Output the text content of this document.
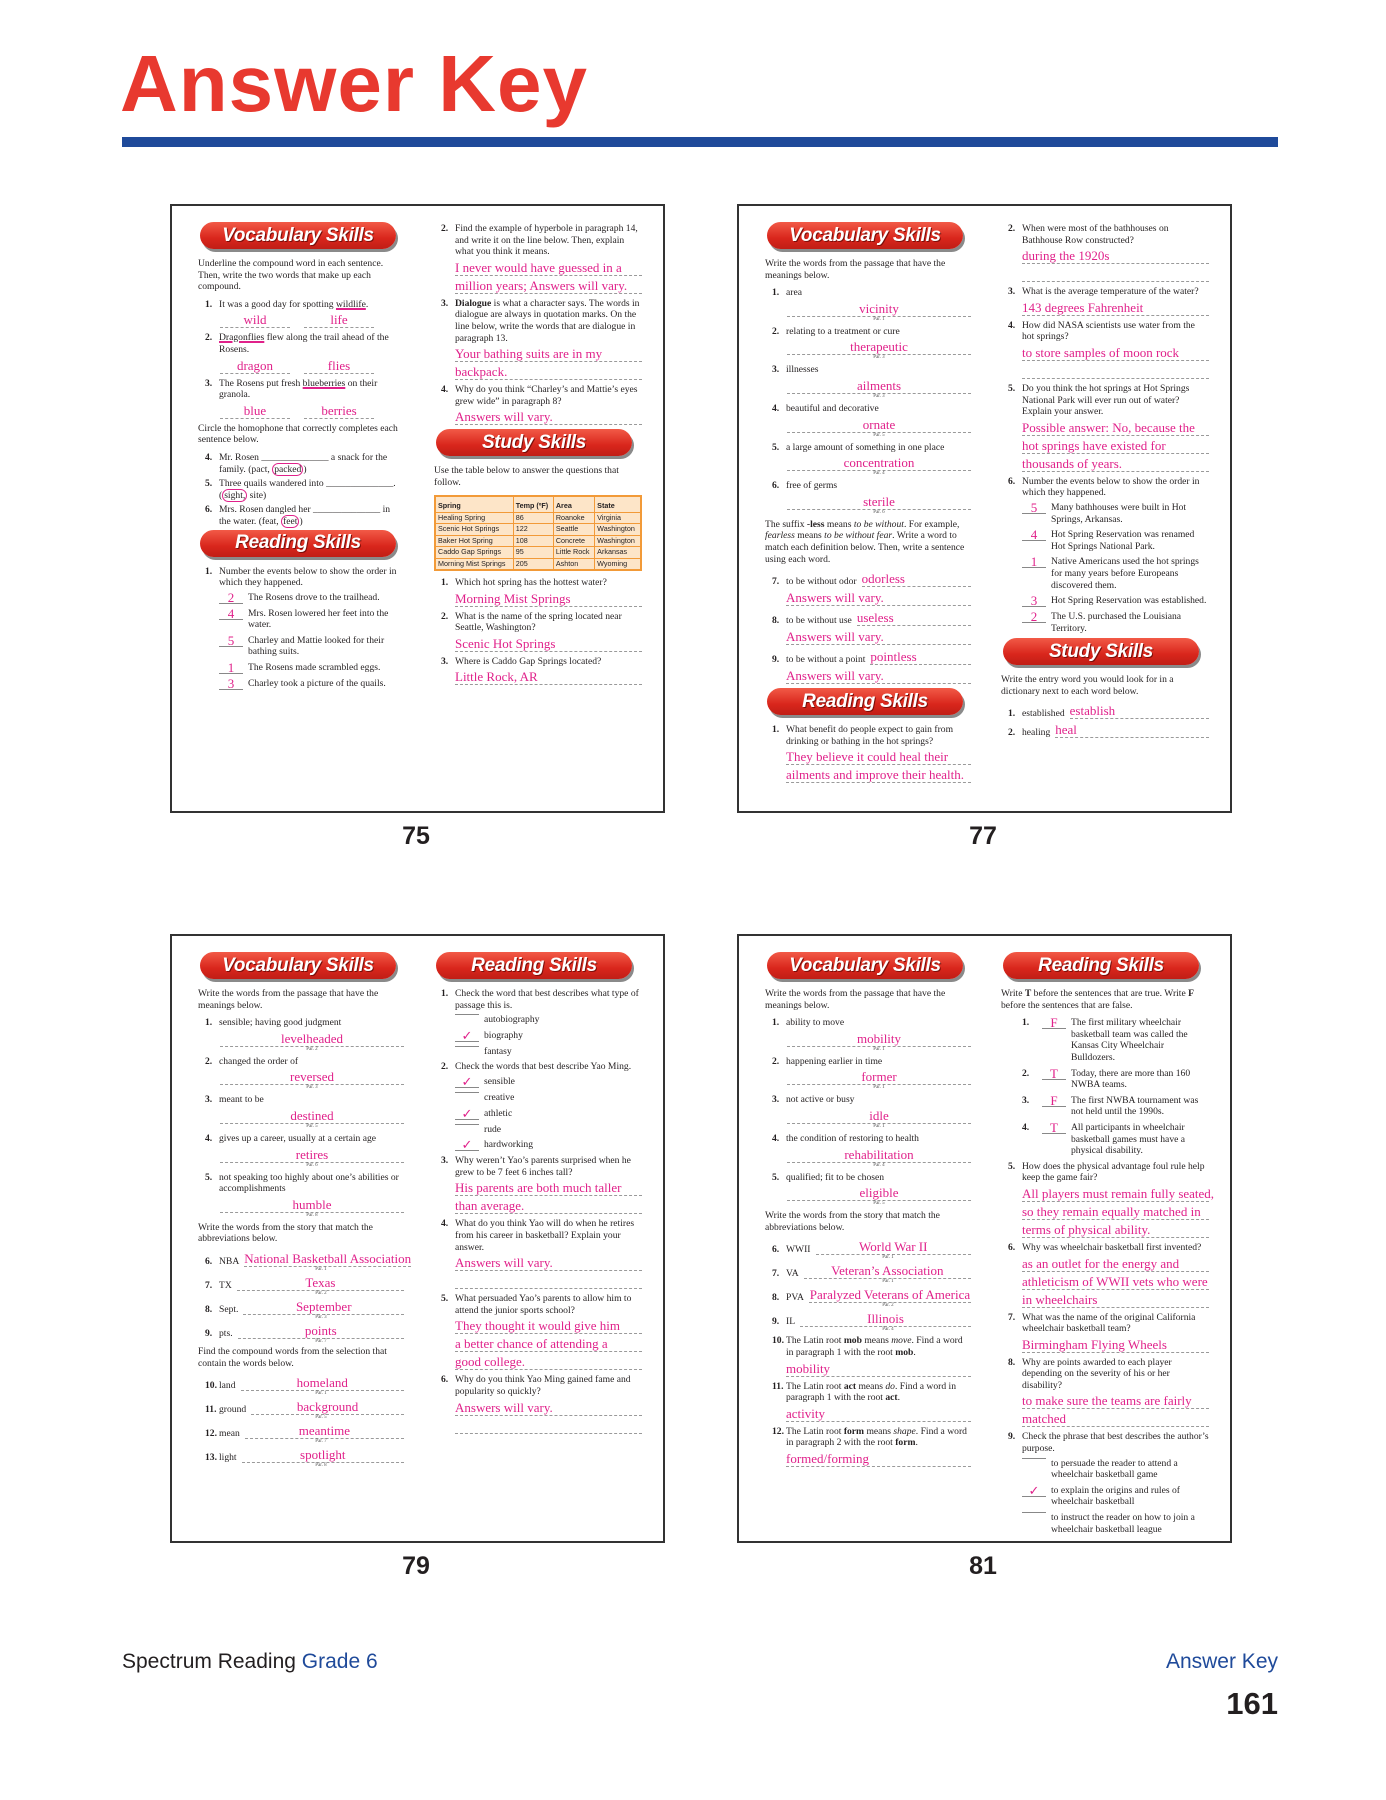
Answer Key
Vocabulary Skills
Underline the compound word in each sentence. Then, write the two words that make up each compound.
1. It was a good day for spotting wildlife.
wild	life
2. Dragonflies flew along the trail ahead of the Rosens.
dragon	flies
3. The Rosens put fresh blueberries on their granola.
blue	berries
Circle the homophone that correctly completes each sentence below.
4. Mr. Rosen ______________ a snack for the family. (pact, packed )
5. Three quails wandered into ______________. ( sight, site)
6. Mrs. Rosen dangled her ______________ in the water. (feat, feet )
Reading Skills
1. Number the events below to show the order in which they happened.
2	The Rosens drove to the trailhead.
4	Mrs. Rosen lowered her feet into the water.
5	Charley and Mattie looked for their bathing suits.
1	The Rosens made scrambled eggs.
3	Charley took a picture of the quails.
2. Find the example of hyperbole in paragraph 14, and write it on the line below. Then, explain what you think it means.
I never would have guessed in a
million years; Answers will vary.
3. Dialogue is what a character says. The words in dialogue are always in quotation marks. On the line below, write the words that are dialogue in paragraph 13.
Your bathing suits are in my
backpack.
4. Why do you think “Charley’s and Mattie’s eyes grew wide” in paragraph 8?
Answers will vary.
Study Skills
Use the table below to answer the questions that follow.
Spring	Temp (ºF)	Area	State
Healing Spring	86	Roanoke	Virginia
Scenic Hot Springs	122	Seattle	Washington
Baker Hot Spring	108	Concrete	Washington
Caddo Gap Springs	95	Little Rock	Arkansas
Morning Mist Springs	205	Ashton	Wyoming
1. Which hot spring has the hottest water?
Morning Mist Springs
2. What is the name of the spring located near Seattle, Washington?
Scenic Hot Springs
3. Where is Caddo Gap Springs located?
Little Rock, AR
75
Vocabulary Skills
Write the words from the passage that have the meanings below.
1. area
vicinity
Par. 1
2. relating to a treatment or cure
therapeutic
Par. 3
3. illnesses
ailments
Par. 3
4. beautiful and decorative
ornate
Par. 5
5. a large amount of something in one place
concentration
Par. 4
6. free of germs
sterile
Par. 6
The suffix -less means to be without. For example, fearless means to be without fear. Write a word to match each definition below. Then, write a sentence using each word.
7. to be without odor odorless
Answers will vary.
8. to be without use useless
Answers will vary.
9. to be without a point pointless
Answers will vary.
Reading Skills
1. What benefit do people expect to gain from drinking or bathing in the hot springs?
They believe it could heal their
ailments and improve their health.
2. When were most of the bathhouses on Bathhouse Row constructed?
during the 1920s
3. What is the average temperature of the water?
143 degrees Fahrenheit
4. How did NASA scientists use water from the hot springs?
to store samples of moon rock
5. Do you think the hot springs at Hot Springs National Park will ever run out of water? Explain your answer.
Possible answer: No, because the
hot springs have existed for
thousands of years.
6. Number the events below to show the order in which they happened.
5	Many bathhouses were built in Hot Springs, Arkansas.
4	Hot Spring Reservation was renamed Hot Springs National Park.
1	Native Americans used the hot springs for many years before Europeans discovered them.
3	Hot Spring Reservation was established.
2	The U.S. purchased the Louisiana Territory.
Study Skills
Write the entry word you would look for in a dictionary next to each word below.
1. established establish
2. healing heal
77
Vocabulary Skills
Write the words from the passage that have the meanings below.
1. sensible; having good judgment
levelheaded
Par. 2
2. changed the order of
reversed
Par. 3
3. meant to be
destined
Par. 5
4. gives up a career, usually at a certain age
retires
Par. 6
5. not speaking too highly about one’s abilities or accomplishments
humble
Par. 8
Write the words from the story that match the abbreviations below.
6. NBA National Basketball Association
Par. 1
7. TX	Texas
Par. 2
8. Sept.	September
Par. 3
9. pts.	points
Par. 7
Find the compound words from the selection that contain the words below.
10. land	homeland
Par. 1
11. ground	background
Par. 5
12. mean	meantime
Par. 7
13. light	spotlight
Par. 8
Reading Skills
1. Check the word that best describes what type of passage this is.
autobiography
✓	biography
fantasy
2. Check the words that best describe Yao Ming.
✓	sensible
creative
✓	athletic
rude
✓	hardworking
3. Why weren’t Yao’s parents surprised when he grew to be 7 feet 6 inches tall?
His parents are both much taller
than average.
4. What do you think Yao will do when he retires from his career in basketball? Explain your answer.
Answers will vary.
5. What persuaded Yao’s parents to allow him to attend the junior sports school?
They thought it would give him
a better chance of attending a
good college.
6. Why do you think Yao Ming gained fame and popularity so quickly?
Answers will vary.
79
Vocabulary Skills
Write the words from the passage that have the meanings below.
1. ability to move
mobility
Par. 1
2. happening earlier in time
former
Par. 1
3. not active or busy
idle
Par. 1
4. the condition of restoring to health
rehabilitation
Par. 4
5. qualified; fit to be chosen
eligible
Par. 5
Write the words from the story that match the abbreviations below.
6. WWII	World War II
Par. 1
7. VA	Veteran’s Association
Par. 1
8. PVA Paralyzed Veterans of America
Par. 2
9. IL	Illinois
Par. 4
10. The Latin root mob means move. Find a word in paragraph 1 with the root mob.
mobility
11. The Latin root act means do. Find a word in paragraph 1 with the root act.
activity
12. The Latin root form means shape. Find a word in paragraph 2 with the root form.
formed/forming
Reading Skills
Write T before the sentences that are true. Write F before the sentences that are false.
1.	F	The first military wheelchair basketball team was called the Kansas City Wheelchair Bulldozers.
2.	T	Today, there are more than 160 NWBA teams.
3.	F	The first NWBA tournament was not held until the 1990s.
4.	T	All participants in wheelchair basketball games must have a physical disability.
5. How does the physical advantage foul rule help keep the game fair?
All players must remain fully seated,
so they remain equally matched in
terms of physical ability.
6. Why was wheelchair basketball first invented?
as an outlet for the energy and
athleticism of WWII vets who were
in wheelchairs
7. What was the name of the original California wheelchair basketball team?
Birmingham Flying Wheels
8. Why are points awarded to each player depending on the severity of his or her disability?
to make sure the teams are fairly
matched
9. Check the phrase that best describes the author’s purpose.
to persuade the reader to attend a wheelchair basketball game
✓	to explain the origins and rules of wheelchair basketball
to instruct the reader on how to join a wheelchair basketball league
81
Spectrum Reading Grade 6	Answer Key
161
